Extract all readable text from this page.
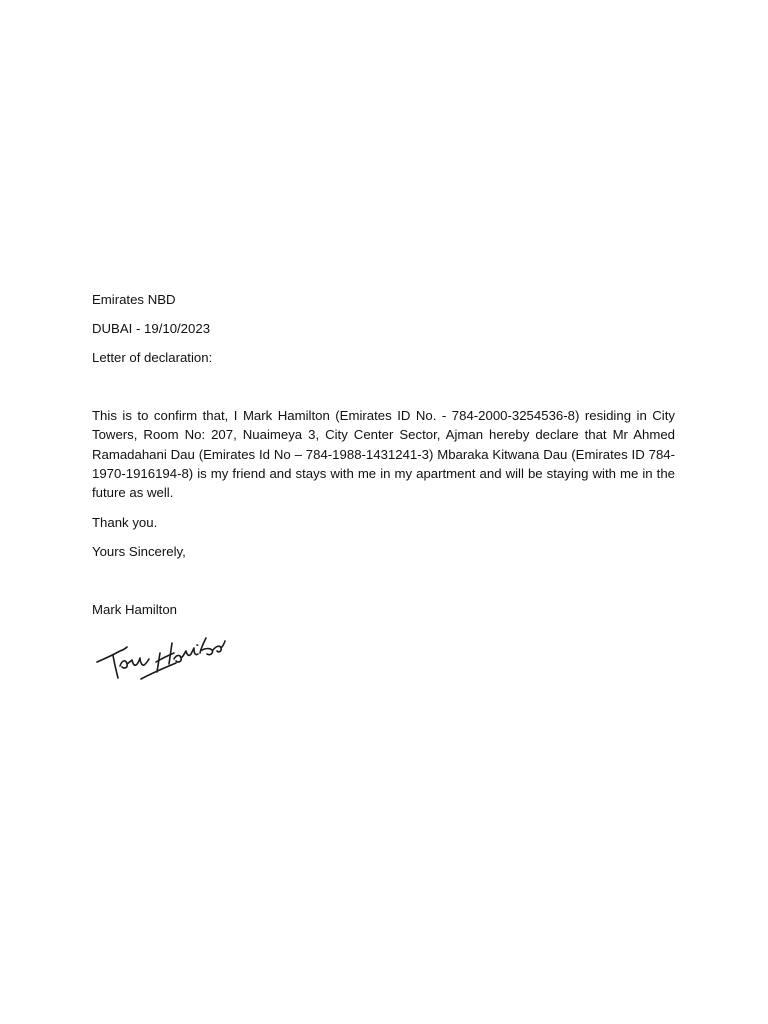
Emirates NBD

DUBAI - 19/10/2023

Letter of declaration:

This is to confirm that, I Mark Hamilton (Emirates ID No. - 784-2000-3254536-8) residing in City Towers, Room No: 207, Nuaimeya 3, City Center Sector, Ajman hereby declare that Mr Ahmed Ramadahani Dau (Emirates Id No – 784-1988-1431241-3) Mbaraka Kitwana Dau (Emirates ID 784-1970-1916194-8) is my friend and stays with me in my apartment and will be staying with me in the future as well.

Thank you.

Yours Sincerely,

Mark Hamilton
